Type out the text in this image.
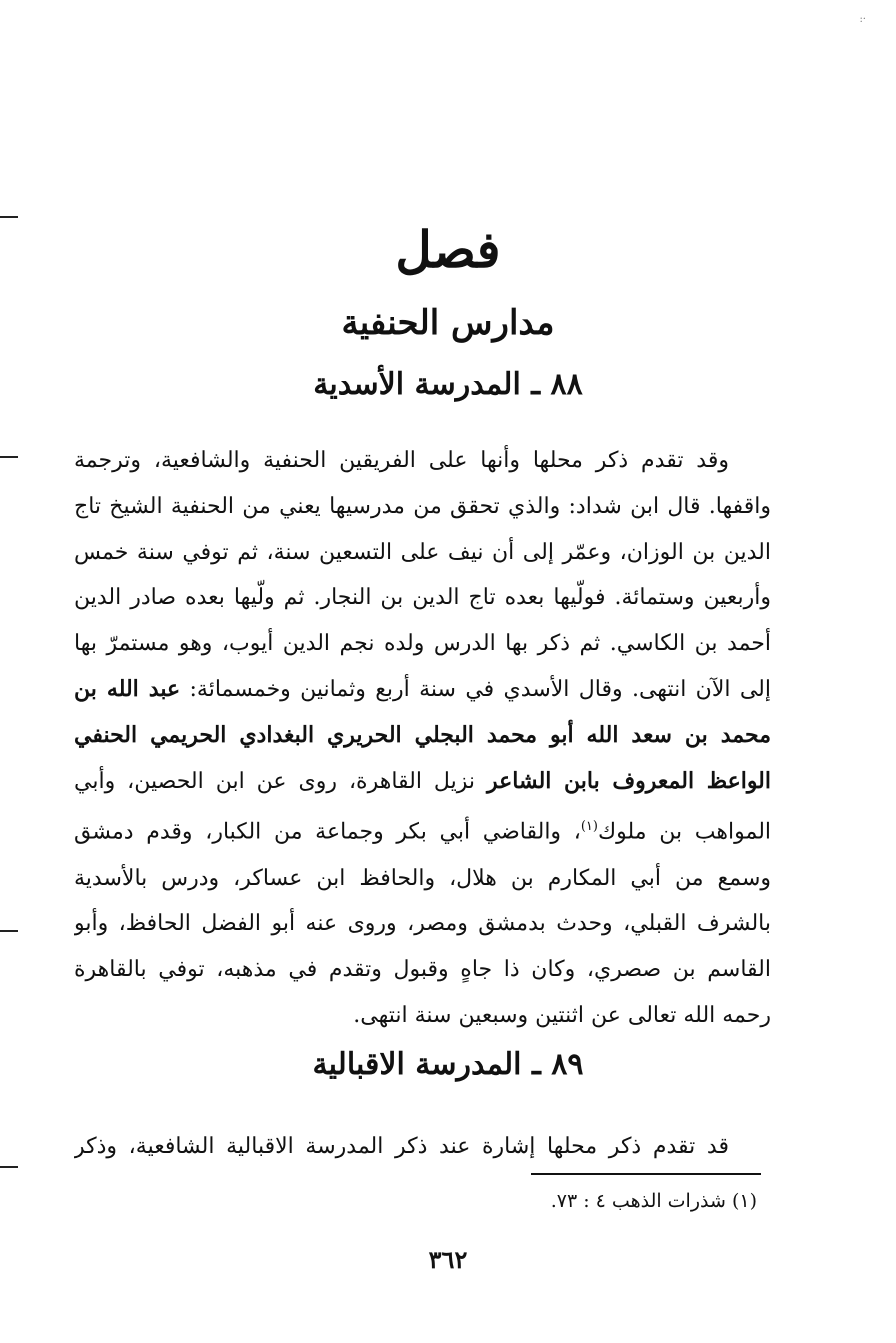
·:
فصل
مدارس الحنفية
٨٨ ـ المدرسة الأسدية
وقد تقدم ذكر محلها وأنها على الفريقين الحنفية والشافعية، وترجمة
واقفها. قال ابن شداد: والذي تحقق من مدرسيها يعني من الحنفية الشيخ تاج
الدين بن الوزان، وعمّر إلى أن نيف على التسعين سنة، ثم توفي سنة خمس
وأربعين وستمائة. فولّيها بعده تاج الدين بن النجار. ثم ولّيها بعده صادر الدين
أحمد بن الكاسي. ثم ذكر بها الدرس ولده نجم الدين أيوب، وهو مستمرّ بها
إلى الآن انتهى. وقال الأسدي في سنة أربع وثمانين وخمسمائة: عبد الله بن
محمد بن سعد الله أبو محمد البجلي الحريري البغدادي الحريمي الحنفي
الواعظ المعروف بابن الشاعر نزيل القاهرة، روى عن ابن الحصين، وأبي
المواهب بن ملوك$^{(١)}$، والقاضي أبي بكر وجماعة من الكبار، وقدم دمشق
وسمع من أبي المكارم بن هلال، والحافظ ابن عساكر، ودرس بالأسدية
بالشرف القبلي، وحدث بدمشق ومصر، وروى عنه أبو الفضل الحافظ، وأبو
القاسم بن صصري، وكان ذا جاهٍ وقبول وتقدم في مذهبه، توفي بالقاهرة
رحمه الله تعالى عن اثنتين وسبعين سنة انتهى.
٨٩ ـ المدرسة الاقبالية
قد تقدم ذكر محلها إشارة عند ذكر المدرسة الاقبالية الشافعية، وذكر
(١) شذرات الذهب ٤ : ٧٣.
٣٦٢
